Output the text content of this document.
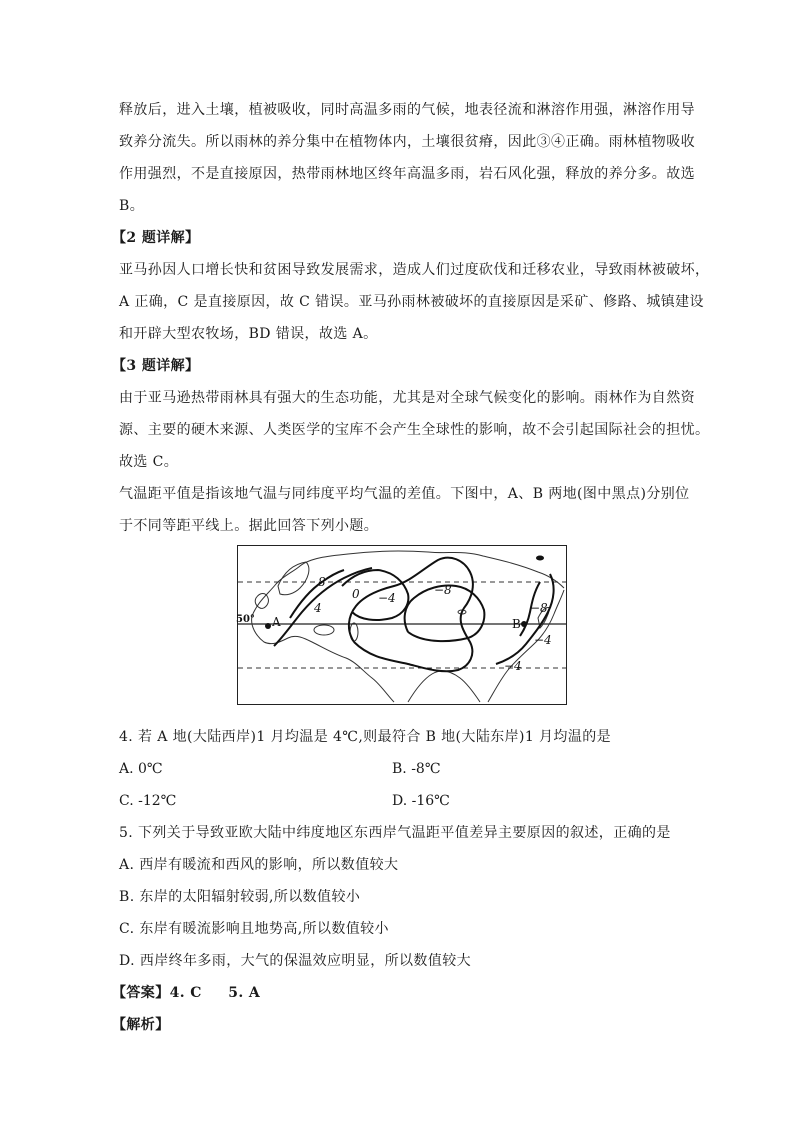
释放后，进入土壤，植被吸收，同时高温多雨的气候，地表径流和淋溶作用强，淋溶作用导
致养分流失。所以雨林的养分集中在植物体内，土壤很贫瘠，因此③④正确。雨林植物吸收
作用强烈，不是直接原因，热带雨林地区终年高温多雨，岩石风化强，释放的养分多。故选
B。
【2 题详解】
亚马孙因人口增长快和贫困导致发展需求，造成人们过度砍伐和迁移农业，导致雨林被破坏，
A 正确，C 是直接原因，故 C 错误。亚马孙雨林被破坏的直接原因是采矿、修路、城镇建设
和开辟大型农牧场，BD 错误，故选 A。
【3 题详解】
由于亚马逊热带雨林具有强大的生态功能，尤其是对全球气候变化的影响。雨林作为自然资
源、主要的硬木来源、人类医学的宝库不会产生全球性的影响，故不会引起国际社会的担忧。
故选 C。
气温距平值是指该地气温与同纬度平均气温的差值。下图中，A、B 两地(图中黑点)分别位
于不同等距平线上。据此回答下列小题。
50° A	B
8
4
0 −4
−8
−8
−4
−4
4. 若 A 地(大陆西岸)1 月均温是 4℃,则最符合 B 地(大陆东岸)1 月均温的是
A. 0℃	B. -8℃
C. -12℃	D. -16℃
5. 下列关于导致亚欧大陆中纬度地区东西岸气温距平值差异主要原因的叙述，正确的是
A. 西岸有暖流和西风的影响，所以数值较大
B. 东岸的太阳辐射较弱,所以数值较小
C. 东岸有暖流影响且地势高,所以数值较小
D. 西岸终年多雨，大气的保温效应明显，所以数值较大
【答案】4. C     5. A
【解析】
